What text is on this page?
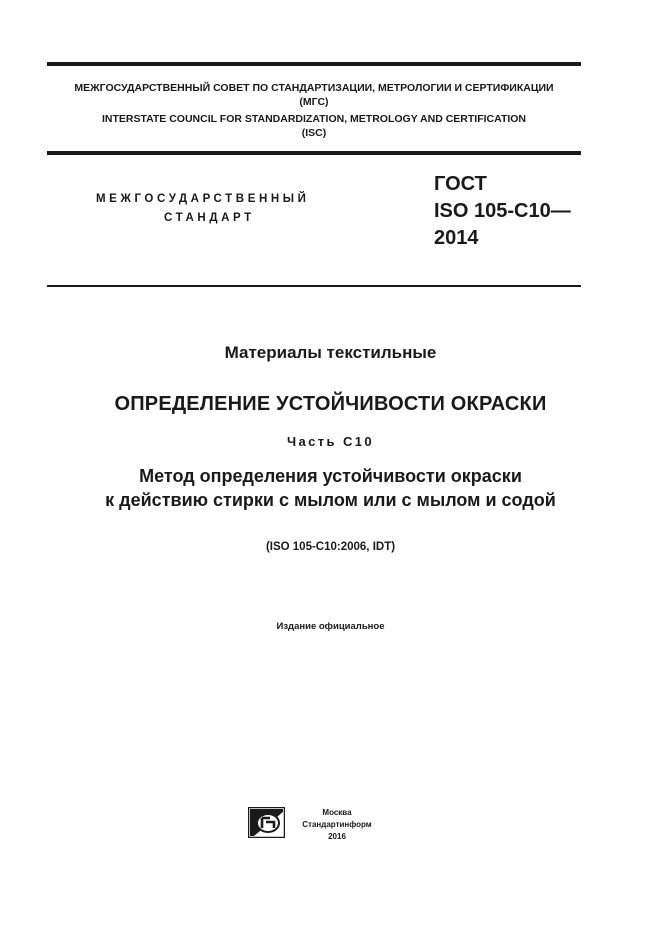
МЕЖГОСУДАРСТВЕННЫЙ СОВЕТ ПО СТАНДАРТИЗАЦИИ, МЕТРОЛОГИИ И СЕРТИФИКАЦИИ
(МГС)
INTERSTATE COUNCIL FOR STANDARDIZATION, METROLOGY AND CERTIFICATION
(ISC)
МЕЖГОСУДАРСТВЕННЫЙ
СТАНДАРТ
ГОСТ
ISO 105-C10—
2014
Материалы текстильные
ОПРЕДЕЛЕНИЕ УСТОЙЧИВОСТИ ОКРАСКИ
Часть С10
Метод определения устойчивости окраски
к действию стирки с мылом или с мылом и содой
(ISO 105-C10:2006, IDT)
Издание официальное
Москва
Стандартинформ
2016
